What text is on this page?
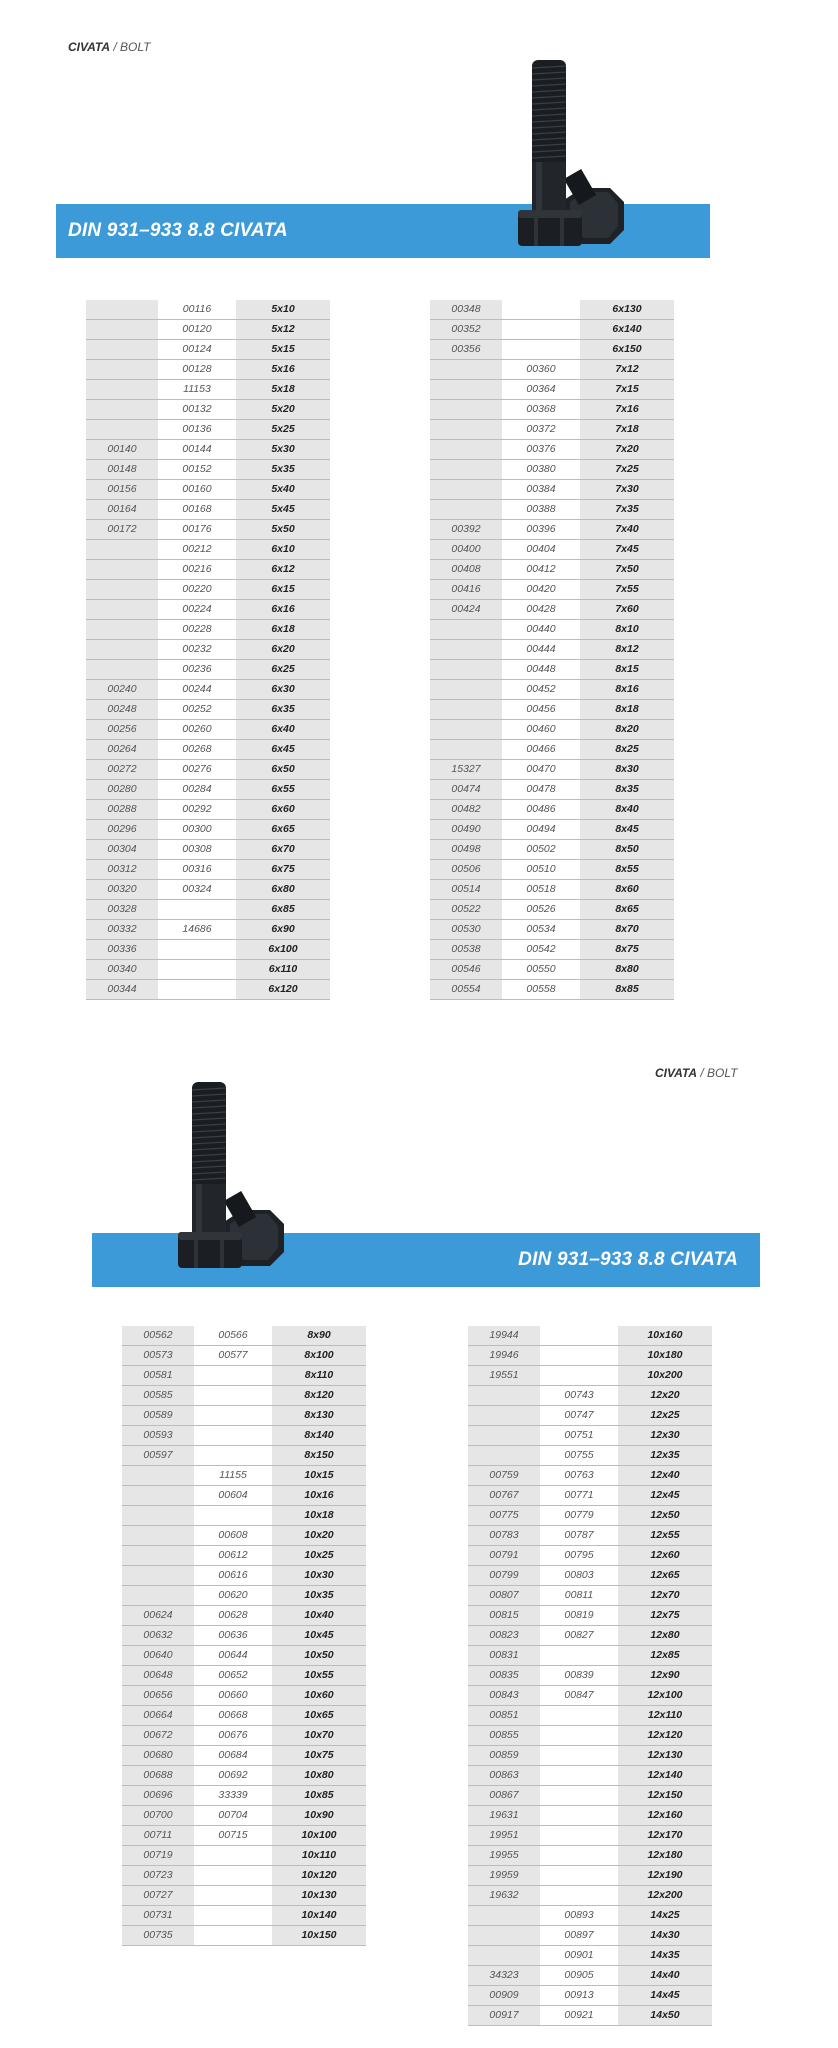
CIVATA / BOLT
DIN 931–933 8.8 CIVATA
	00116	5x10
	00120	5x12
	00124	5x15
	00128	5x16
	11153	5x18
	00132	5x20
	00136	5x25
00140	00144	5x30
00148	00152	5x35
00156	00160	5x40
00164	00168	5x45
00172	00176	5x50
	00212	6x10
	00216	6x12
	00220	6x15
	00224	6x16
	00228	6x18
	00232	6x20
	00236	6x25
00240	00244	6x30
00248	00252	6x35
00256	00260	6x40
00264	00268	6x45
00272	00276	6x50
00280	00284	6x55
00288	00292	6x60
00296	00300	6x65
00304	00308	6x70
00312	00316	6x75
00320	00324	6x80
00328		6x85
00332	14686	6x90
00336		6x100
00340		6x110
00344		6x120
00348		6x130
00352		6x140
00356		6x150
	00360	7x12
	00364	7x15
	00368	7x16
	00372	7x18
	00376	7x20
	00380	7x25
	00384	7x30
	00388	7x35
00392	00396	7x40
00400	00404	7x45
00408	00412	7x50
00416	00420	7x55
00424	00428	7x60
	00440	8x10
	00444	8x12
	00448	8x15
	00452	8x16
	00456	8x18
	00460	8x20
	00466	8x25
15327	00470	8x30
00474	00478	8x35
00482	00486	8x40
00490	00494	8x45
00498	00502	8x50
00506	00510	8x55
00514	00518	8x60
00522	00526	8x65
00530	00534	8x70
00538	00542	8x75
00546	00550	8x80
00554	00558	8x85
CIVATA / BOLT
DIN 931–933 8.8 CIVATA
00562	00566	8x90
00573	00577	8x100
00581		8x110
00585		8x120
00589		8x130
00593		8x140
00597		8x150
	11155	10x15
	00604	10x16
		10x18
	00608	10x20
	00612	10x25
	00616	10x30
	00620	10x35
00624	00628	10x40
00632	00636	10x45
00640	00644	10x50
00648	00652	10x55
00656	00660	10x60
00664	00668	10x65
00672	00676	10x70
00680	00684	10x75
00688	00692	10x80
00696	33339	10x85
00700	00704	10x90
00711	00715	10x100
00719		10x110
00723		10x120
00727		10x130
00731		10x140
00735		10x150
19944		10x160
19946		10x180
19551		10x200
	00743	12x20
	00747	12x25
	00751	12x30
	00755	12x35
00759	00763	12x40
00767	00771	12x45
00775	00779	12x50
00783	00787	12x55
00791	00795	12x60
00799	00803	12x65
00807	00811	12x70
00815	00819	12x75
00823	00827	12x80
00831		12x85
00835	00839	12x90
00843	00847	12x100
00851		12x110
00855		12x120
00859		12x130
00863		12x140
00867		12x150
19631		12x160
19951		12x170
19955		12x180
19959		12x190
19632		12x200
	00893	14x25
	00897	14x30
	00901	14x35
34323	00905	14x40
00909	00913	14x45
00917	00921	14x50
